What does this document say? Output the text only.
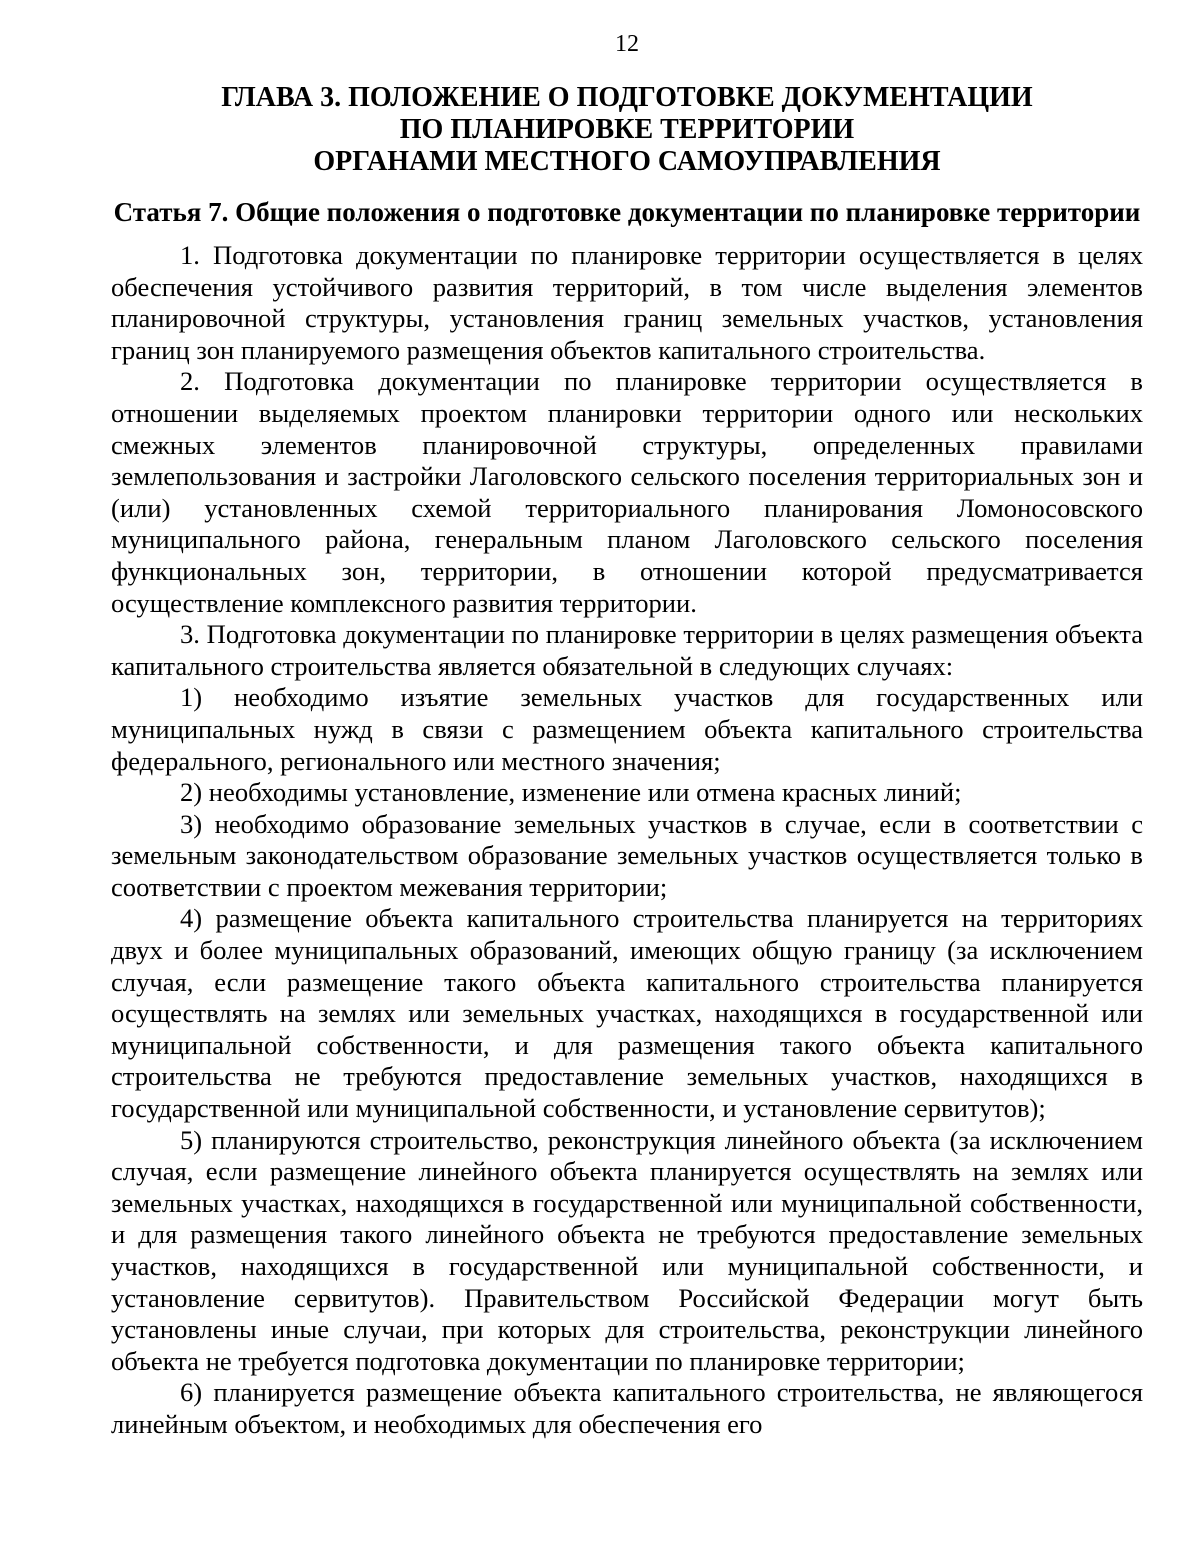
12
ГЛАВА 3. ПОЛОЖЕНИЕ О ПОДГОТОВКЕ ДОКУМЕНТАЦИИ
ПО ПЛАНИРОВКЕ ТЕРРИТОРИИ
ОРГАНАМИ МЕСТНОГО САМОУПРАВЛЕНИЯ
Статья 7. Общие положения о подготовке документации по планировке территории

1. Подготовка документации по планировке территории осуществляется в целях обеспечения устойчивого развития территорий, в том числе выделения элементов планировочной структуры, установления границ земельных участков, установления границ зон планируемого размещения объектов капитального строительства.

2. Подготовка документации по планировке территории осуществляется в отношении выделяемых проектом планировки территории одного или нескольких смежных элементов планировочной структуры, определенных правилами землепользования и застройки Лаголовского сельского поселения территориальных зон и (или) установленных схемой территориального планирования Ломоносовского муниципального района, генеральным планом Лаголовского сельского поселения функциональных зон, территории, в отношении которой предусматривается осуществление комплексного развития территории.

3. Подготовка документации по планировке территории в целях размещения объекта капитального строительства является обязательной в следующих случаях:

1) необходимо изъятие земельных участков для государственных или муниципальных нужд в связи с размещением объекта капитального строительства федерального, регионального или местного значения;

2) необходимы установление, изменение или отмена красных линий;

3) необходимо образование земельных участков в случае, если в соответствии с земельным законодательством образование земельных участков осуществляется только в соответствии с проектом межевания территории;

4) размещение объекта капитального строительства планируется на территориях двух и более муниципальных образований, имеющих общую границу (за исключением случая, если размещение такого объекта капитального строительства планируется осуществлять на землях или земельных участках, находящихся в государственной или муниципальной собственности, и для размещения такого объекта капитального строительства не требуются предоставление земельных участков, находящихся в государственной или муниципальной собственности, и установление сервитутов);

5) планируются строительство, реконструкция линейного объекта (за исключением случая, если размещение линейного объекта планируется осуществлять на землях или земельных участках, находящихся в государственной или муниципальной собственности, и для размещения такого линейного объекта не требуются предоставление земельных участков, находящихся в государственной или муниципальной собственности, и установление сервитутов). Правительством Российской Федерации могут быть установлены иные случаи, при которых для строительства, реконструкции линейного объекта не требуется подготовка документации по планировке территории;

6) планируется размещение объекта капитального строительства, не являющегося линейным объектом, и необходимых для обеспечения его
